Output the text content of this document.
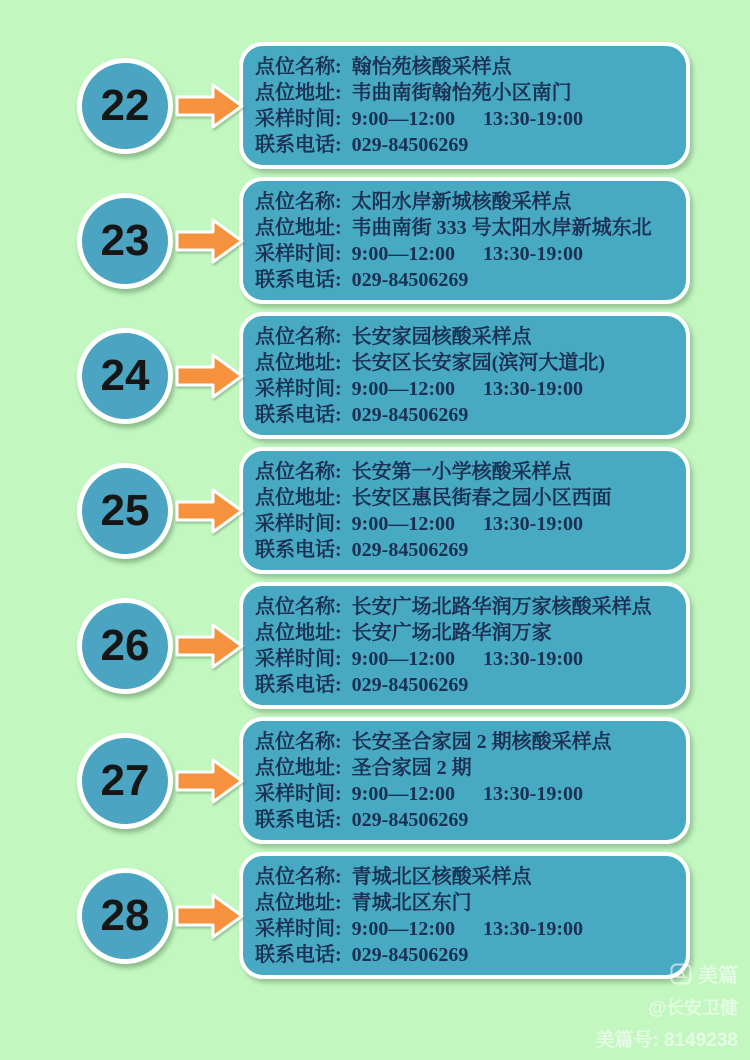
22
点位名称: 翰怡苑核酸采样点
点位地址: 韦曲南街翰怡苑小区南门
采样时间: 9:00—12:00 13:30-19:00
联系电话: 029-84506269
23
点位名称: 太阳水岸新城核酸采样点
点位地址: 韦曲南街 333 号太阳水岸新城东北
采样时间: 9:00—12:00 13:30-19:00
联系电话: 029-84506269
24
点位名称: 长安家园核酸采样点
点位地址: 长安区长安家园(滨河大道北)
采样时间: 9:00—12:00 13:30-19:00
联系电话: 029-84506269
25
点位名称: 长安第一小学核酸采样点
点位地址: 长安区惠民街春之园小区西面
采样时间: 9:00—12:00 13:30-19:00
联系电话: 029-84506269
26
点位名称: 长安广场北路华润万家核酸采样点
点位地址: 长安广场北路华润万家
采样时间: 9:00—12:00 13:30-19:00
联系电话: 029-84506269
27
点位名称: 长安圣合家园 2 期核酸采样点
点位地址: 圣合家园 2 期
采样时间: 9:00—12:00 13:30-19:00
联系电话: 029-84506269
28
点位名称: 青城北区核酸采样点
点位地址: 青城北区东门
采样时间: 9:00—12:00 13:30-19:00
联系电话: 029-84506269
美篇
@长安卫健
美篇号: 8149238
